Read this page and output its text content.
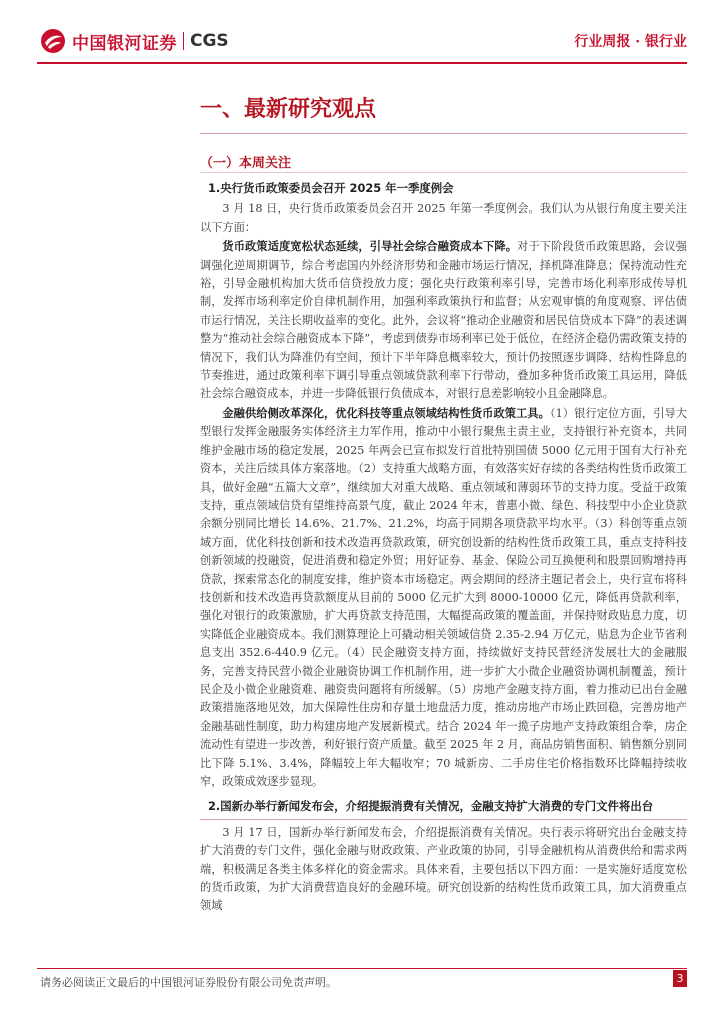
中国银河证券 CGS	行业周报 · 银行业
一、最新研究观点
（一）本周关注
1.央行货币政策委员会召开 2025 年一季度例会

3 月 18 日，央行货币政策委员会召开 2025 年第一季度例会。我们认为从银行角度主要关注以下方面：

货币政策适度宽松状态延续，引导社会综合融资成本下降。对于下阶段货币政策思路，会议强调强化逆周期调节，综合考虑国内外经济形势和金融市场运行情况，择机降准降息；保持流动性充裕，引导金融机构加大货币信贷投放力度；强化央行政策利率引导，完善市场化利率形成传导机制，发挥市场利率定价自律机制作用，加强利率政策执行和监督；从宏观审慎的角度观察、评估债市运行情况，关注长期收益率的变化。此外，会议将“推动企业融资和居民信贷成本下降”的表述调整为“推动社会综合融资成本下降”，考虑到债券市场利率已处于低位，在经济企稳仍需政策支持的情况下，我们认为降准仍有空间，预计下半年降息概率较大，预计仍按照逐步调降、结构性降息的节奏推进，通过政策利率下调引导重点领域贷款利率下行带动，叠加多种货币政策工具运用，降低社会综合融资成本，并进一步降低银行负债成本，对银行息差影响较小且金融降息。

金融供给侧改革深化，优化科技等重点领域结构性货币政策工具。（1）银行定位方面，引导大型银行发挥金融服务实体经济主力军作用，推动中小银行聚焦主责主业，支持银行补充资本，共同维护金融市场的稳定发展，2025 年两会已宣布拟发行首批特别国债 5000 亿元用于国有大行补充资本，关注后续具体方案落地。（2）支持重大战略方面，有效落实好存续的各类结构性货币政策工具，做好金融“五篇大文章”，继续加大对重大战略、重点领域和薄弱环节的支持力度。受益于政策支持，重点领域信贷有望维持高景气度，截止 2024 年末，普惠小微、绿色、科技型中小企业贷款余额分别同比增长 14.6%、21.7%、21.2%，均高于同期各项贷款平均水平。（3）科创等重点领域方面，优化科技创新和技术改造再贷款政策，研究创设新的结构性货币政策工具，重点支持科技创新领域的投融资，促进消费和稳定外贸；用好证券、基金、保险公司互换便利和股票回购增持再贷款，探索常态化的制度安排，维护资本市场稳定。两会期间的经济主题记者会上，央行宣布将科技创新和技术改造再贷款额度从目前的 5000 亿元扩大到 8000-10000 亿元，降低再贷款利率，强化对银行的政策激励，扩大再贷款支持范围，大幅提高政策的覆盖面，并保持财政贴息力度，切实降低企业融资成本。我们测算理论上可撬动相关领域信贷 2.35-2.94 万亿元，贴息为企业节省利息支出 352.6-440.9 亿元。（4）民企融资支持方面，持续做好支持民营经济发展壮大的金融服务，完善支持民营小微企业融资协调工作机制作用，进一步扩大小微企业融资协调机制覆盖，预计民企及小微企业融资难、融资贵问题将有所缓解。（5）房地产金融支持方面，着力推动已出台金融政策措施落地见效，加大保障性住房和存量土地盘活力度，推动房地产市场止跌回稳，完善房地产金融基础性制度，助力构建房地产发展新模式。结合 2024 年一揽子房地产支持政策组合拳，房企流动性有望进一步改善，利好银行资产质量。截至 2025 年 2 月，商品房销售面积、销售额分别同比下降 5.1%、3.4%，降幅较上年大幅收窄；70 城新房、二手房住宅价格指数环比降幅持续收窄，政策成效逐步显现。

2.国新办举行新闻发布会，介绍提振消费有关情况，金融支持扩大消费的专门文件将出台

3 月 17 日，国新办举行新闻发布会，介绍提振消费有关情况。央行表示将研究出台金融支持扩大消费的专门文件，强化金融与财政政策、产业政策的协同，引导金融机构从消费供给和需求两端，积极满足各类主体多样化的资金需求。具体来看，主要包括以下四方面：一是实施好适度宽松的货币政策，为扩大消费营造良好的金融环境。研究创设新的结构性货币政策工具，加大消费重点领域

请务必阅读正文最后的中国银河证券股份有限公司免责声明。	3
